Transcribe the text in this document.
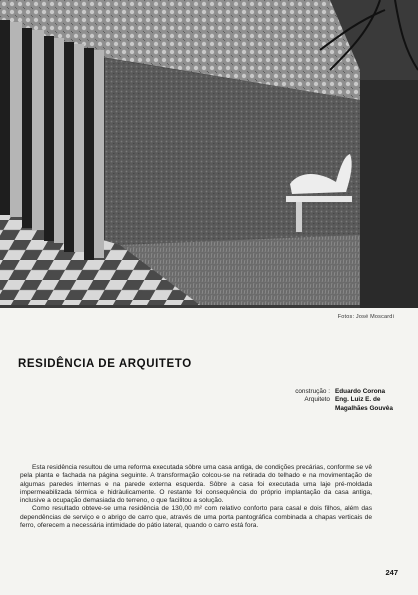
Fotos: José Moscardi
RESIDÊNCIA DE ARQUITETO
construção : Eduardo Corona
Arquiteto Eng. Luiz E. de
Magalhães Gouvêa

Esta residência resultou de uma reforma executada sôbre uma casa antiga, de condições precárias, conforme se vê pela planta e fachada na página seguinte. A transformação colcou-se na retirada do telhado e na movimentação de algumas paredes internas e na parede externa esquerda. Sôbre a casa foi executada uma laje pré-moldada impermeabilizada térmica e hidràulicamente. O restante foi consequência do próprio implantação da casa antiga, inclusive a ocupação demasiada do terreno, o que facilitou a solução.

Como resultado obteve-se uma residência de 130,00 m² com relativo conforto para casal e dois filhos, além das dependências de serviço e o abrigo de carro que, através de uma porta pantográfica combinada a chapas verticais de ferro, oferecem a necessária intimidade do pátio lateral, quando o carro está fora.

247
